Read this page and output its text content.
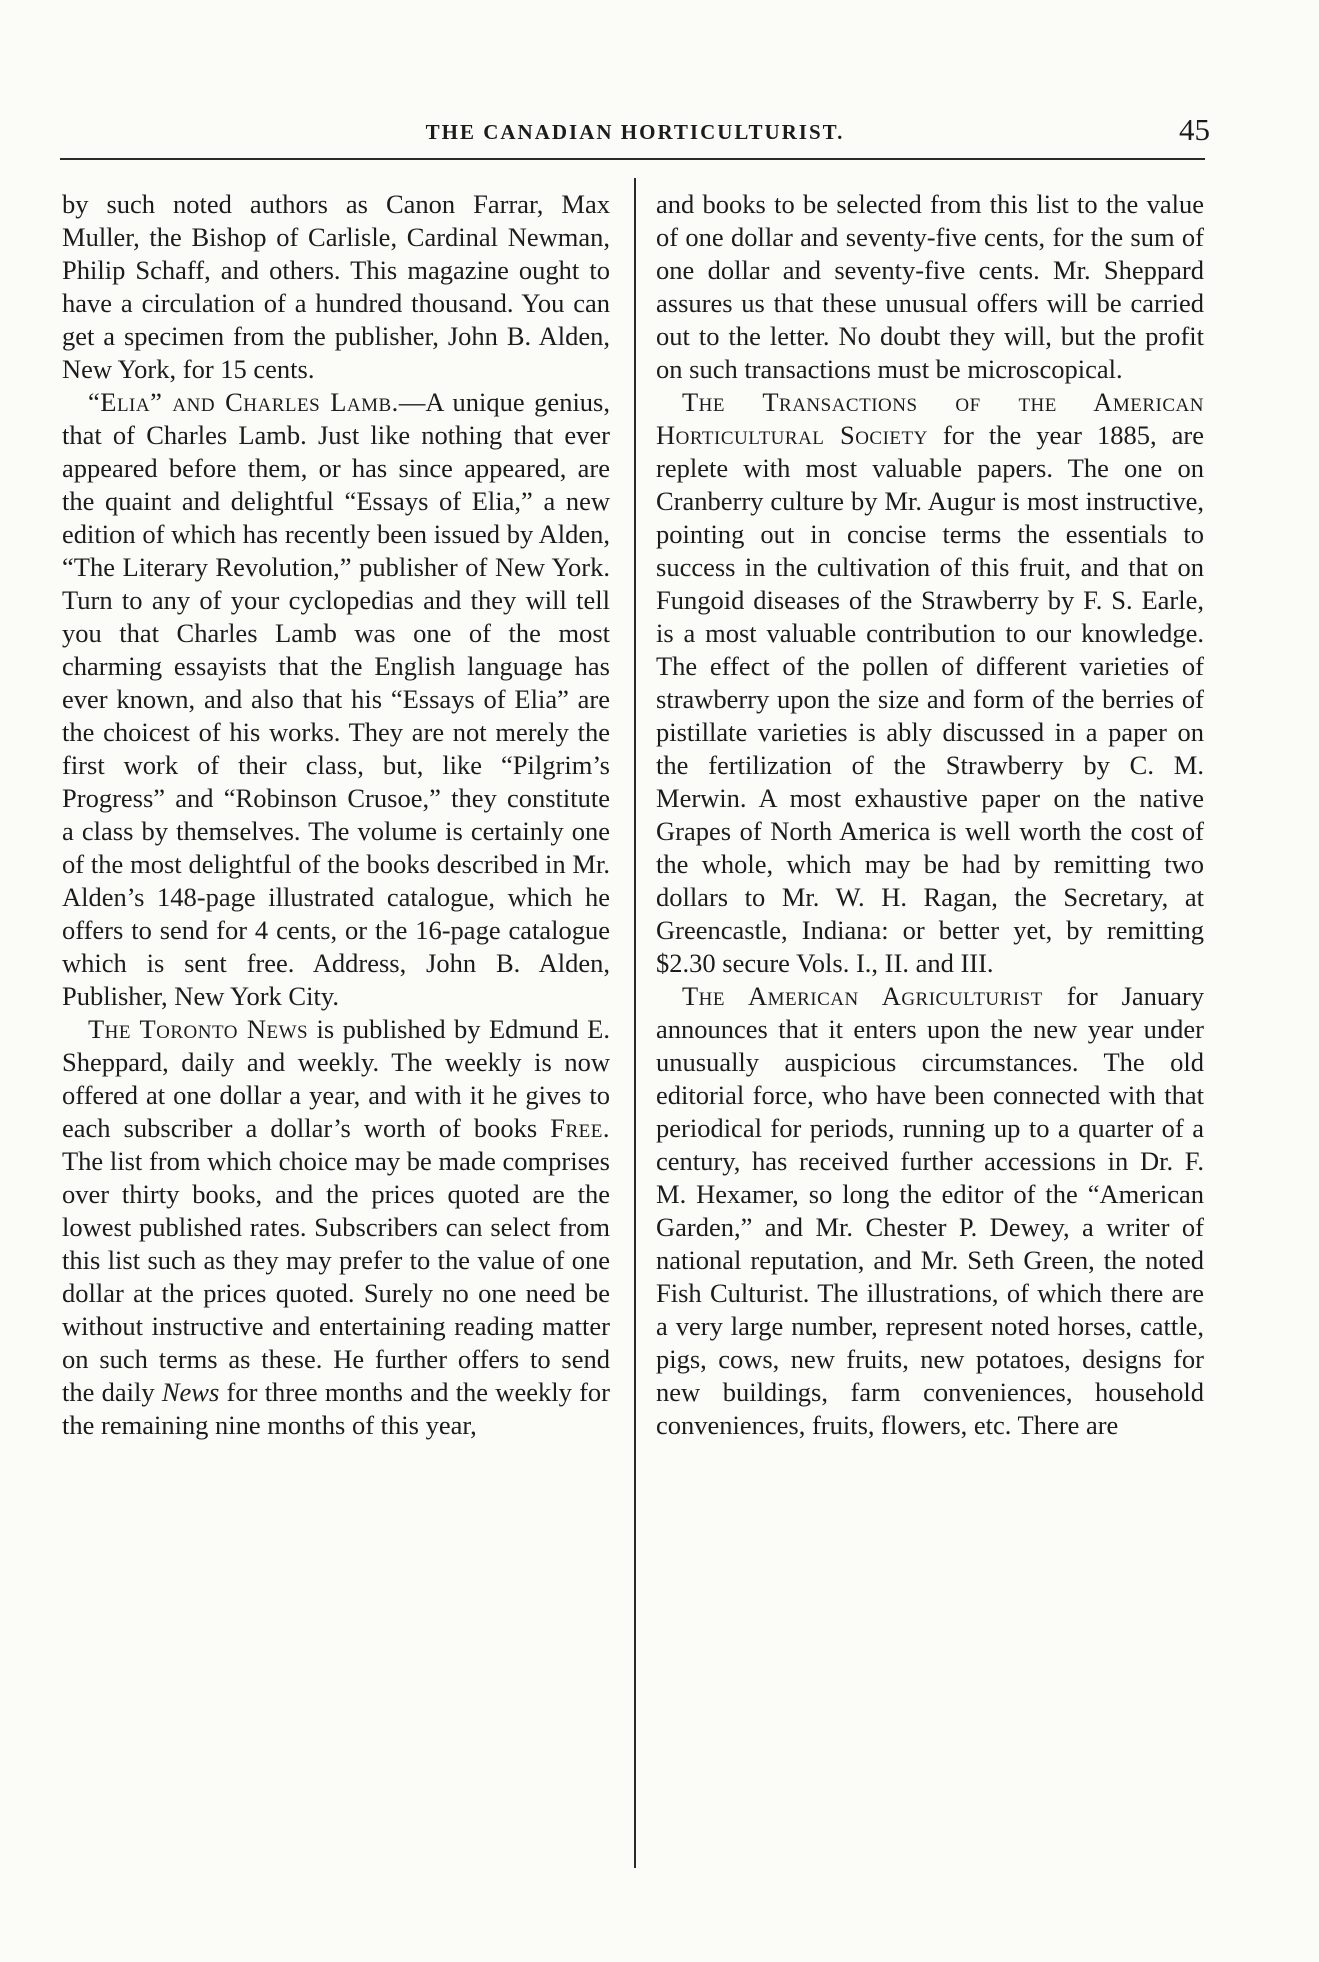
THE CANADIAN HORTICULTURIST.	45

by such noted authors as Canon Farrar, Max Muller, the Bishop of Carlisle, Cardinal Newman, Philip Schaff, and others. This magazine ought to have a circulation of a hundred thousand. You can get a specimen from the publisher, John B. Alden, New York, for 15 cents.

“Elia” and Charles Lamb.—A unique genius, that of Charles Lamb. Just like nothing that ever appeared before them, or has since appeared, are the quaint and delightful “Essays of Elia,” a new edition of which has recently been issued by Alden, “The Literary Revolution,” publisher of New York. Turn to any of your cyclopedias and they will tell you that Charles Lamb was one of the most charming essayists that the English language has ever known, and also that his “Essays of Elia” are the choicest of his works. They are not merely the first work of their class, but, like “Pilgrim’s Progress” and “Robinson Crusoe,” they constitute a class by themselves. The volume is certainly one of the most delightful of the books described in Mr. Alden’s 148-page illustrated catalogue, which he offers to send for 4 cents, or the 16-page catalogue which is sent free. Address, John B. Alden, Publisher, New York City.

The Toronto News is published by Edmund E. Sheppard, daily and weekly. The weekly is now offered at one dollar a year, and with it he gives to each subscriber a dollar’s worth of books Free. The list from which choice may be made comprises over thirty books, and the prices quoted are the lowest published rates. Subscribers can select from this list such as they may prefer to the value of one dollar at the prices quoted. Surely no one need be without instructive and entertaining reading matter on such terms as these. He further offers to send the daily News for three months and the weekly for the remaining nine months of this year,

and books to be selected from this list to the value of one dollar and seventy-five cents, for the sum of one dollar and seventy-five cents. Mr. Sheppard assures us that these unusual offers will be carried out to the letter. No doubt they will, but the profit on such transactions must be microscopical.

The Transactions of the American Horticultural Society for the year 1885, are replete with most valuable papers. The one on Cranberry culture by Mr. Augur is most instructive, pointing out in concise terms the essentials to success in the cultivation of this fruit, and that on Fungoid diseases of the Strawberry by F. S. Earle, is a most valuable contribution to our knowledge. The effect of the pollen of different varieties of strawberry upon the size and form of the berries of pistillate varieties is ably discussed in a paper on the fertilization of the Strawberry by C. M. Merwin. A most exhaustive paper on the native Grapes of North America is well worth the cost of the whole, which may be had by remitting two dollars to Mr. W. H. Ragan, the Secretary, at Greencastle, Indiana: or better yet, by remitting $2.30 secure Vols. I., II. and III.

The American Agriculturist for January announces that it enters upon the new year under unusually auspicious circumstances. The old editorial force, who have been connected with that periodical for periods, running up to a quarter of a century, has received further accessions in Dr. F. M. Hexamer, so long the editor of the “American Garden,” and Mr. Chester P. Dewey, a writer of national reputation, and Mr. Seth Green, the noted Fish Culturist. The illustrations, of which there are a very large number, represent noted horses, cattle, pigs, cows, new fruits, new potatoes, designs for new buildings, farm conveniences, household conveniences, fruits, flowers, etc. There are
